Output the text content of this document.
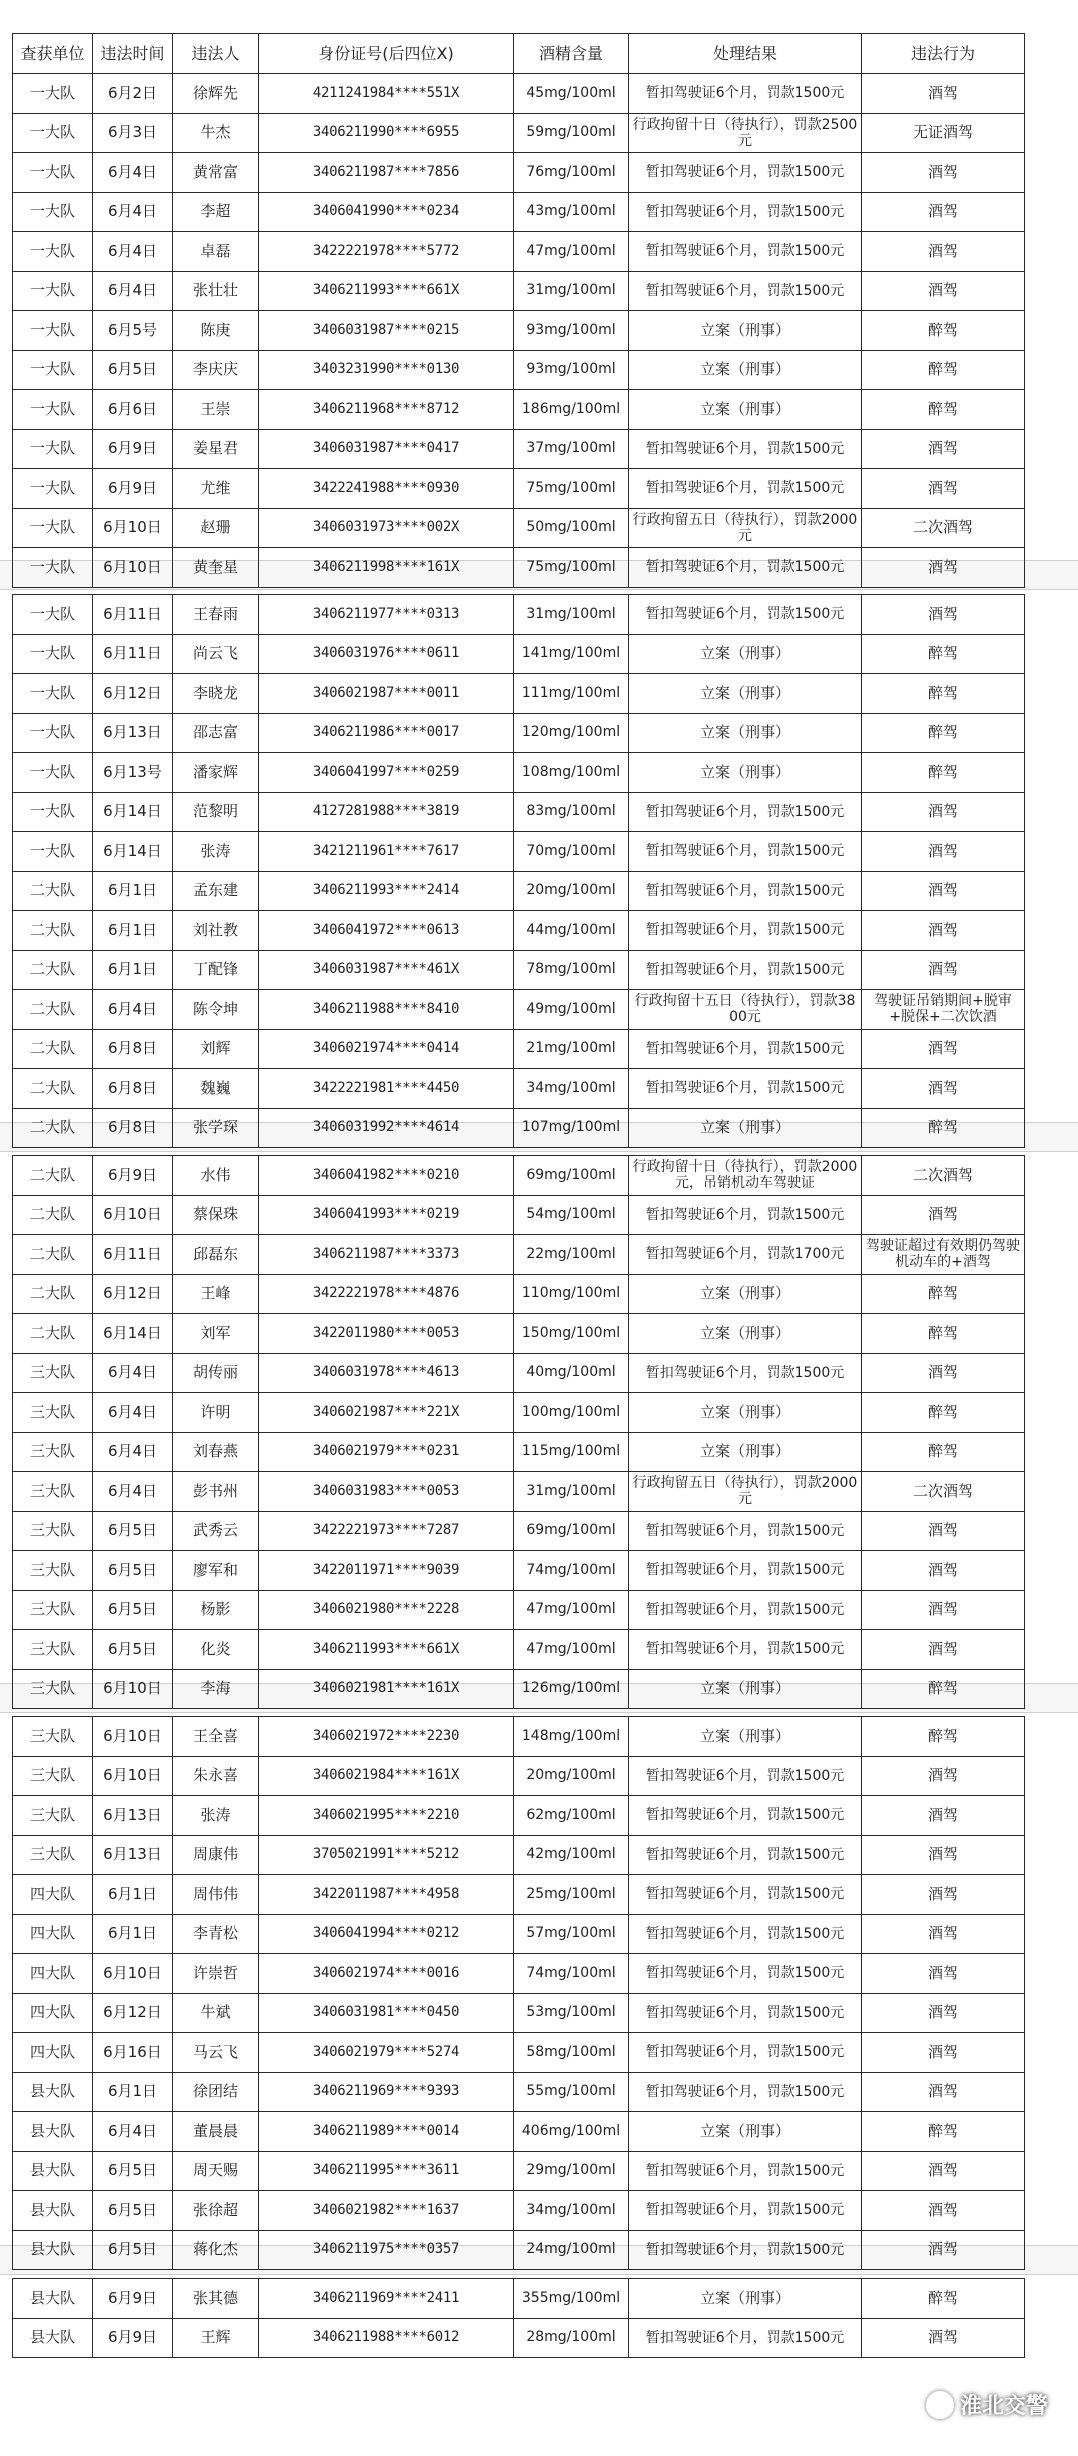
查获单位	违法时间	违法人	身份证号(后四位X)	酒精含量	处理结果	违法行为
一大队	6月2日	徐辉先	4211241984****551X	45mg/100ml	暂扣驾驶证6个月，罚款1500元	酒驾
一大队	6月3日	牛杰	3406211990****6955	59mg/100ml	行政拘留十日（待执行），罚款2500元	无证酒驾
一大队	6月4日	黄常富	3406211987****7856	76mg/100ml	暂扣驾驶证6个月，罚款1500元	酒驾
一大队	6月4日	李超	3406041990****0234	43mg/100ml	暂扣驾驶证6个月，罚款1500元	酒驾
一大队	6月4日	卓磊	3422221978****5772	47mg/100ml	暂扣驾驶证6个月，罚款1500元	酒驾
一大队	6月4日	张壮壮	3406211993****661X	31mg/100ml	暂扣驾驶证6个月，罚款1500元	酒驾
一大队	6月5号	陈庚	3406031987****0215	93mg/100ml	立案（刑事）	醉驾
一大队	6月5日	李庆庆	3403231990****0130	93mg/100ml	立案（刑事）	醉驾
一大队	6月6日	王崇	3406211968****8712	186mg/100ml	立案（刑事）	醉驾
一大队	6月9日	姜星君	3406031987****0417	37mg/100ml	暂扣驾驶证6个月，罚款1500元	酒驾
一大队	6月9日	尤维	3422241988****0930	75mg/100ml	暂扣驾驶证6个月，罚款1500元	酒驾
一大队	6月10日	赵珊	3406031973****002X	50mg/100ml	行政拘留五日（待执行），罚款2000元	二次酒驾
一大队	6月10日	黄奎星	3406211998****161X	75mg/100ml	暂扣驾驶证6个月，罚款1500元	酒驾
一大队	6月11日	王春雨	3406211977****0313	31mg/100ml	暂扣驾驶证6个月，罚款1500元	酒驾
一大队	6月11日	尚云飞	3406031976****0611	141mg/100ml	立案（刑事）	醉驾
一大队	6月12日	李晓龙	3406021987****0011	111mg/100ml	立案（刑事）	醉驾
一大队	6月13日	邵志富	3406211986****0017	120mg/100ml	立案（刑事）	醉驾
一大队	6月13号	潘家辉	3406041997****0259	108mg/100ml	立案（刑事）	醉驾
一大队	6月14日	范黎明	4127281988****3819	83mg/100ml	暂扣驾驶证6个月，罚款1500元	酒驾
一大队	6月14日	张涛	3421211961****7617	70mg/100ml	暂扣驾驶证6个月，罚款1500元	酒驾
二大队	6月1日	孟东建	3406211993****2414	20mg/100ml	暂扣驾驶证6个月，罚款1500元	酒驾
二大队	6月1日	刘社教	3406041972****0613	44mg/100ml	暂扣驾驶证6个月，罚款1500元	酒驾
二大队	6月1日	丁配锋	3406031987****461X	78mg/100ml	暂扣驾驶证6个月，罚款1500元	酒驾
二大队	6月4日	陈令坤	3406211988****8410	49mg/100ml	行政拘留十五日（待执行），罚款3800元	驾驶证吊销期间+脱审+脱保+二次饮酒
二大队	6月8日	刘辉	3406021974****0414	21mg/100ml	暂扣驾驶证6个月，罚款1500元	酒驾
二大队	6月8日	魏巍	3422221981****4450	34mg/100ml	暂扣驾驶证6个月，罚款1500元	酒驾
二大队	6月8日	张学琛	3406031992****4614	107mg/100ml	立案（刑事）	醉驾
二大队	6月9日	水伟	3406041982****0210	69mg/100ml	行政拘留十日（待执行），罚款2000元，吊销机动车驾驶证	二次酒驾
二大队	6月10日	蔡保珠	3406041993****0219	54mg/100ml	暂扣驾驶证6个月，罚款1500元	酒驾
二大队	6月11日	邱磊东	3406211987****3373	22mg/100ml	暂扣驾驶证6个月，罚款1700元	驾驶证超过有效期仍驾驶机动车的+酒驾
二大队	6月12日	王峰	3422221978****4876	110mg/100ml	立案（刑事）	醉驾
二大队	6月14日	刘军	3422011980****0053	150mg/100ml	立案（刑事）	醉驾
三大队	6月4日	胡传丽	3406031978****4613	40mg/100ml	暂扣驾驶证6个月，罚款1500元	酒驾
三大队	6月4日	许明	3406021987****221X	100mg/100ml	立案（刑事）	醉驾
三大队	6月4日	刘春燕	3406021979****0231	115mg/100ml	立案（刑事）	醉驾
三大队	6月4日	彭书州	3406031983****0053	31mg/100ml	行政拘留五日（待执行），罚款2000元	二次酒驾
三大队	6月5日	武秀云	3422221973****7287	69mg/100ml	暂扣驾驶证6个月，罚款1500元	酒驾
三大队	6月5日	廖军和	3422011971****9039	74mg/100ml	暂扣驾驶证6个月，罚款1500元	酒驾
三大队	6月5日	杨影	3406021980****2228	47mg/100ml	暂扣驾驶证6个月，罚款1500元	酒驾
三大队	6月5日	化炎	3406211993****661X	47mg/100ml	暂扣驾驶证6个月，罚款1500元	酒驾
三大队	6月10日	李海	3406021981****161X	126mg/100ml	立案（刑事）	醉驾
三大队	6月10日	王全喜	3406021972****2230	148mg/100ml	立案（刑事）	醉驾
三大队	6月10日	朱永喜	3406021984****161X	20mg/100ml	暂扣驾驶证6个月，罚款1500元	酒驾
三大队	6月13日	张涛	3406021995****2210	62mg/100ml	暂扣驾驶证6个月，罚款1500元	酒驾
三大队	6月13日	周康伟	3705021991****5212	42mg/100ml	暂扣驾驶证6个月，罚款1500元	酒驾
四大队	6月1日	周伟伟	3422011987****4958	25mg/100ml	暂扣驾驶证6个月，罚款1500元	酒驾
四大队	6月1日	李青松	3406041994****0212	57mg/100ml	暂扣驾驶证6个月，罚款1500元	酒驾
四大队	6月10日	许崇哲	3406021974****0016	74mg/100ml	暂扣驾驶证6个月，罚款1500元	酒驾
四大队	6月12日	牛斌	3406031981****0450	53mg/100ml	暂扣驾驶证6个月，罚款1500元	酒驾
四大队	6月16日	马云飞	3406021979****5274	58mg/100ml	暂扣驾驶证6个月，罚款1500元	酒驾
县大队	6月1日	徐团结	3406211969****9393	55mg/100ml	暂扣驾驶证6个月，罚款1500元	酒驾
县大队	6月4日	董晨晨	3406211989****0014	406mg/100ml	立案（刑事）	醉驾
县大队	6月5日	周天赐	3406211995****3611	29mg/100ml	暂扣驾驶证6个月，罚款1500元	酒驾
县大队	6月5日	张徐超	3406021982****1637	34mg/100ml	暂扣驾驶证6个月，罚款1500元	酒驾
县大队	6月5日	蒋化杰	3406211975****0357	24mg/100ml	暂扣驾驶证6个月，罚款1500元	酒驾
县大队	6月9日	张其德	3406211969****2411	355mg/100ml	立案（刑事）	醉驾
县大队	6月9日	王辉	3406211988****6012	28mg/100ml	暂扣驾驶证6个月，罚款1500元	酒驾
淮北交警
